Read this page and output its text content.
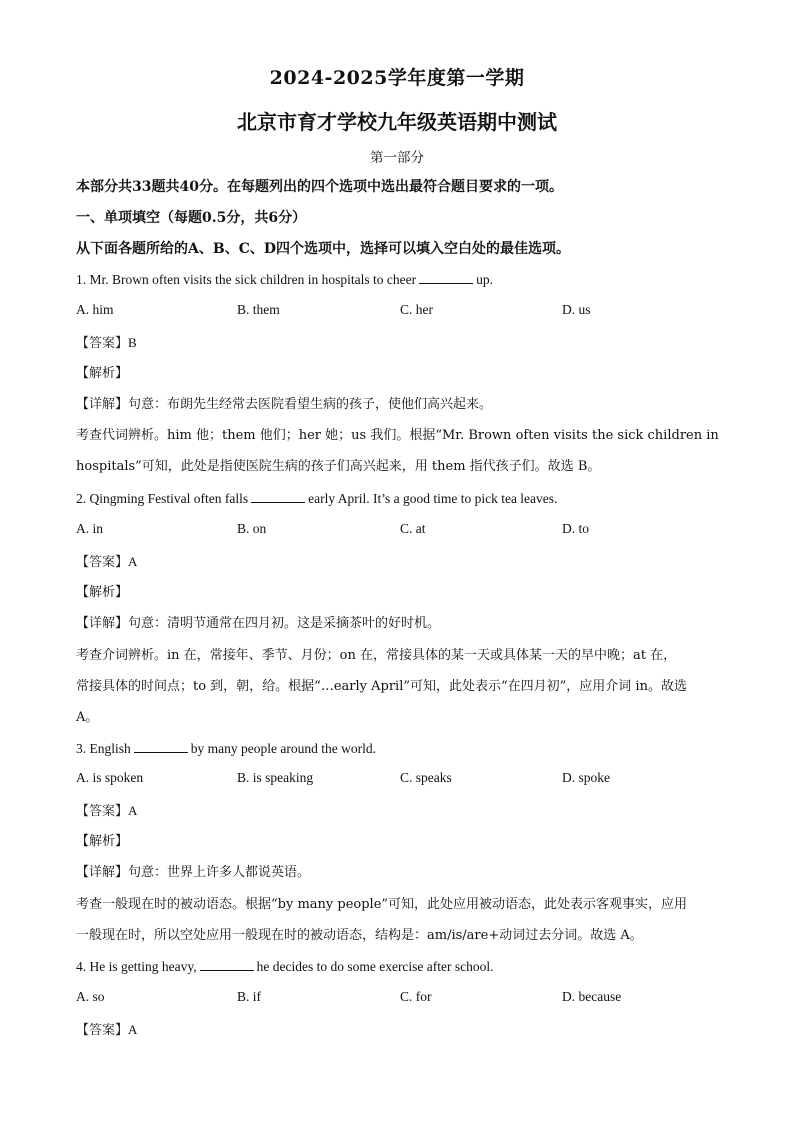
2024-2025学年度第一学期
北京市育才学校九年级英语期中测试
第一部分
本部分共33题共40分。在每题列出的四个选项中选出最符合题目要求的一项。
一、单项填空（每题0.5分，共6分）
从下面各题所给的A、B、C、D四个选项中，选择可以填入空白处的最佳选项。
1. Mr. Brown often visits the sick children in hospitals to cheer	up.
A. him	B. them	C. her	D. us
【答案】B
【解析】
【详解】句意：布朗先生经常去医院看望生病的孩子，使他们高兴起来。
考查代词辨析。him 他；them 他们；her 她；us 我们。根据“Mr. Brown often visits the sick children in
hospitals”可知，此处是指使医院生病的孩子们高兴起来，用 them 指代孩子们。故选 B。
2. Qingming Festival often falls	early April. It’s a good time to pick tea leaves.
A. in	B. on	C. at	D. to
【答案】A
【解析】
【详解】句意：清明节通常在四月初。这是采摘茶叶的好时机。
考查介词辨析。in 在，常接年、季节、月份；on 在，常接具体的某一天或具体某一天的早中晚；at 在，
常接具体的时间点；to 到，朝，给。根据“…early April”可知，此处表示“在四月初”，应用介词 in。故选
A。
3. English	by many people around the world.
A. is spoken	B. is speaking	C. speaks	D. spoke
【答案】A
【解析】
【详解】句意：世界上许多人都说英语。
考查一般现在时的被动语态。根据“by many people”可知，此处应用被动语态，此处表示客观事实，应用
一般现在时，所以空处应用一般现在时的被动语态，结构是：am/is/are+动词过去分词。故选 A。
4. He is getting heavy,	he decides to do some exercise after school.
A. so	B. if	C. for	D. because
【答案】A
